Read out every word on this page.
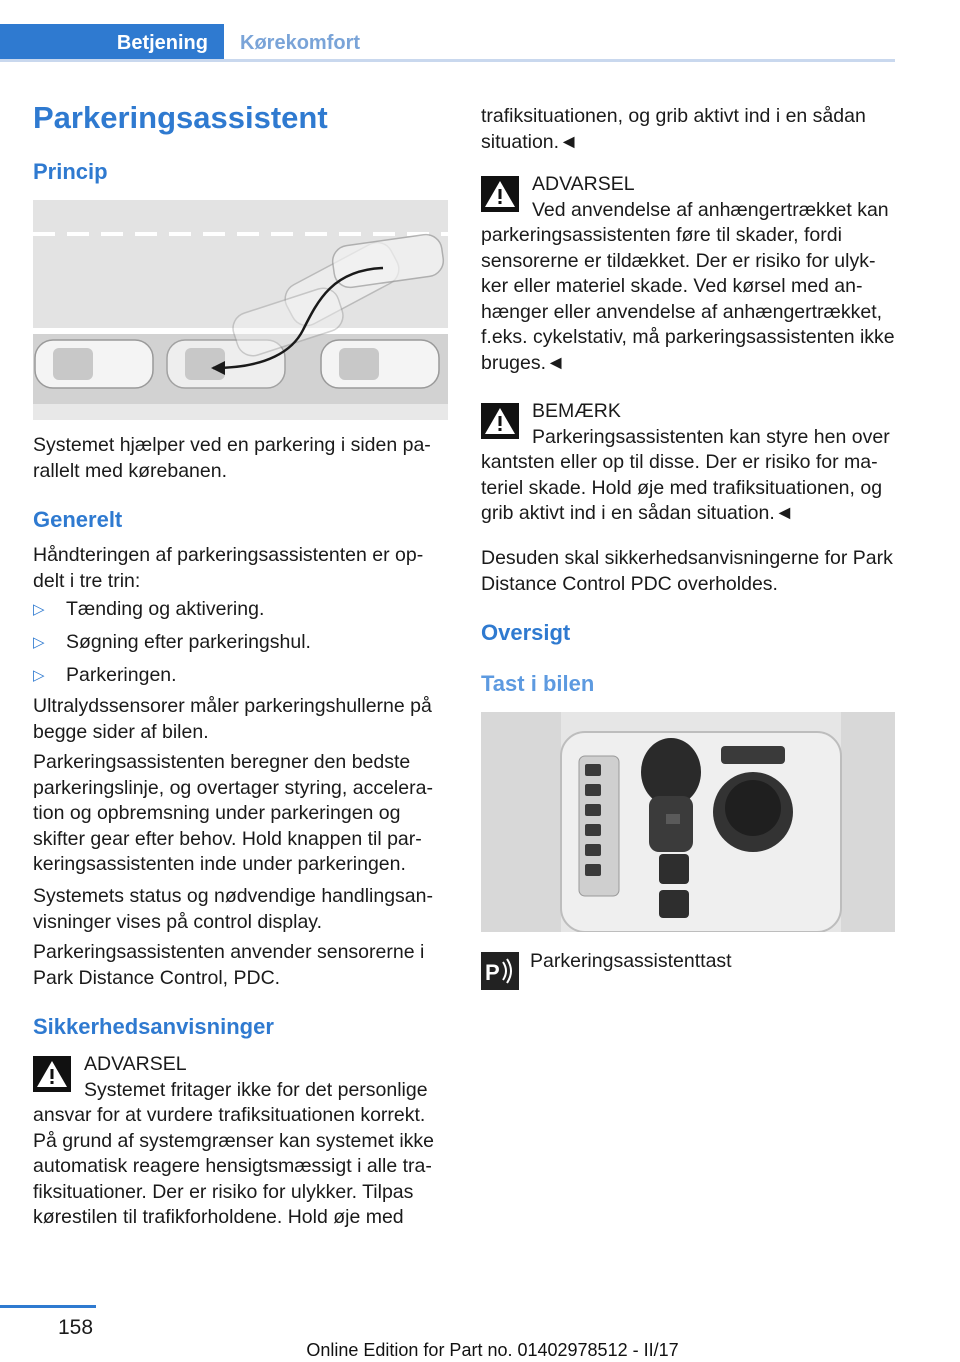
Betjening Kørekomfort
Parkeringsassistent
Princip
Systemet hjælper ved en parkering i siden pa-rallelt med kørebanen.
Generelt
Håndteringen af parkeringsassistenten er op-delt i tre trin:
▷ Tænding og aktivering.
▷ Søgning efter parkeringshul.
▷ Parkeringen.
Ultralydssensorer måler parkeringshullerne på begge sider af bilen.
Parkeringsassistenten beregner den bedste parkeringslinje, og overtager styring, accelera-tion og opbremsning under parkeringen og skifter gear efter behov. Hold knappen til par-keringsassistenten inde under parkeringen.
Systemets status og nødvendige handlingsan-visninger vises på control display.
Parkeringsassistenten anvender sensorerne i Park Distance Control, PDC.
Sikkerhedsanvisninger
ADVARSEL
Systemet fritager ikke for det personlige ansvar for at vurdere trafiksituationen korrekt. På grund af systemgrænser kan systemet ikke automatisk reagere hensigtsmæssigt i alle tra-fiksituationer. Der er risiko for ulykker. Tilpas kørestilen til trafikforholdene. Hold øje med
trafiksituationen, og grib aktivt ind i en sådan situation.◄
ADVARSEL
Ved anvendelse af anhængertrækket kan parkeringsassistenten føre til skader, fordi sensorerne er tildækket. Der er risiko for ulyk-ker eller materiel skade. Ved kørsel med an-hænger eller anvendelse af anhængertrækket, f.eks. cykelstativ, må parkeringsassistenten ikke bruges.◄
BEMÆRK
Parkeringsassistenten kan styre hen over kantsten eller op til disse. Der er risiko for ma-teriel skade. Hold øje med trafiksituationen, og grib aktivt ind i en sådan situation.◄
Desuden skal sikkerhedsanvisningerne for Park Distance Control PDC overholdes.
Oversigt
Tast i bilen
P Parkeringsassistenttast
158
Online Edition for Part no. 01402978512 - II/17
